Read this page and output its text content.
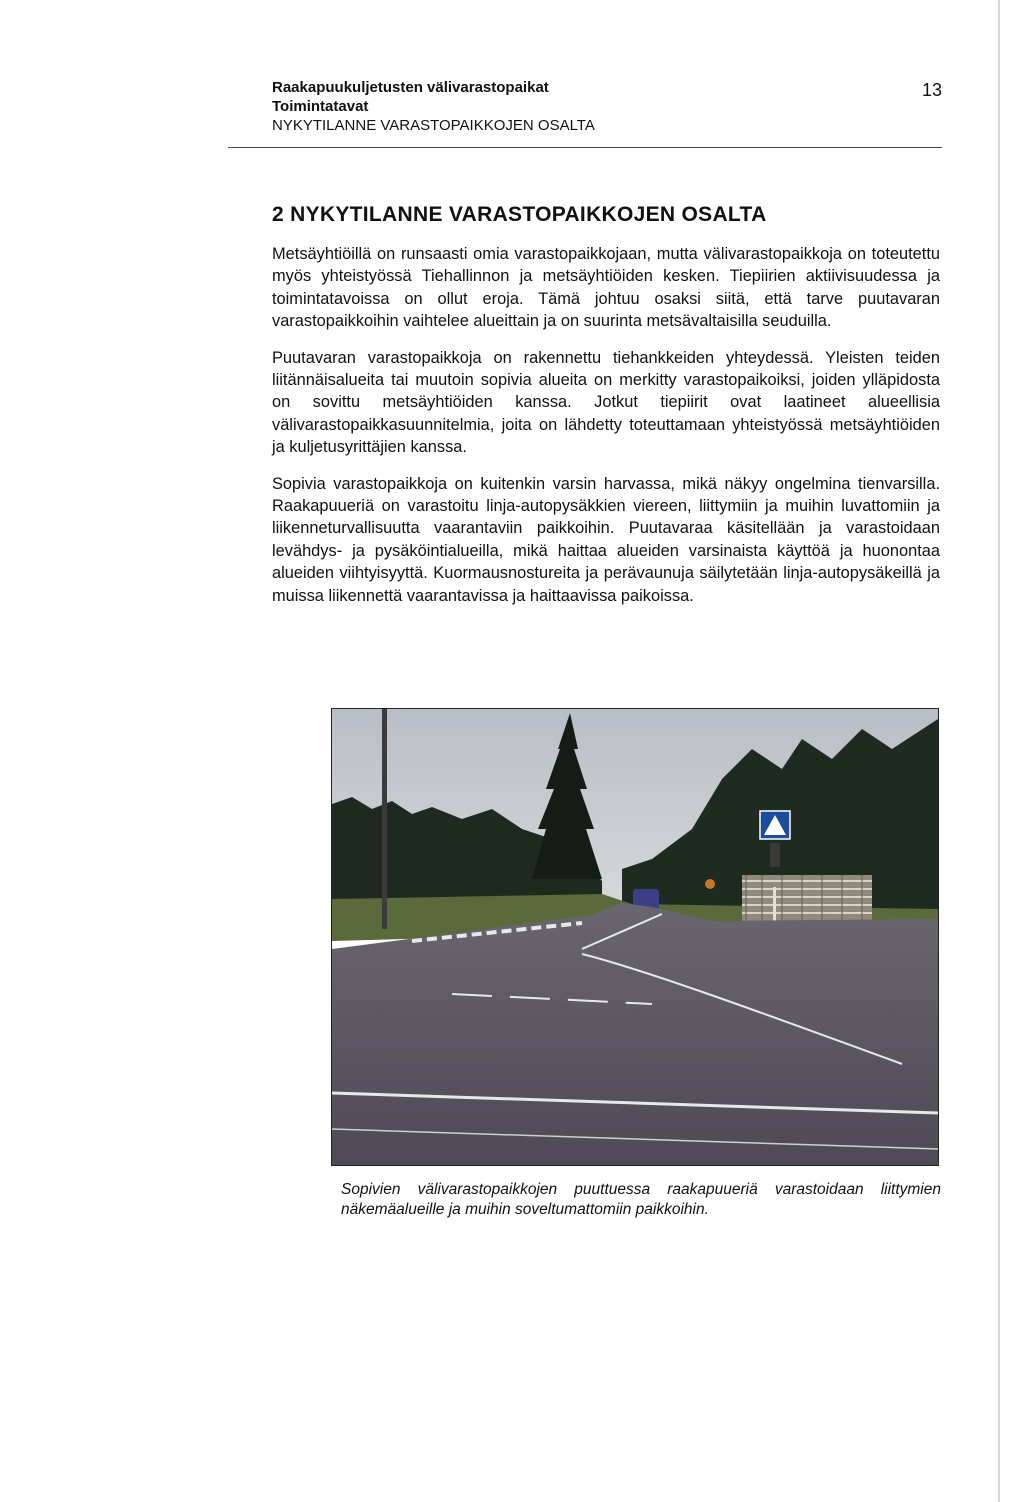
Raakapuukuljetusten välivarastopaikat
Toimintatavat
NYKYTILANNE VARASTOPAIKKOJEN OSALTA
13
2 NYKYTILANNE VARASTOPAIKKOJEN OSALTA

Metsäyhtiöillä on runsaasti omia varastopaikkojaan, mutta välivarastopaikkoja on toteutettu myös yhteistyössä Tiehallinnon ja metsäyhtiöiden kesken. Tiepiirien aktiivisuudessa ja toimintatavoissa on ollut eroja. Tämä johtuu osaksi siitä, että tarve puutavaran varastopaikkoihin vaihtelee alueittain ja on suurinta metsävaltaisilla seuduilla.

Puutavaran varastopaikkoja on rakennettu tiehankkeiden yhteydessä. Yleisten teiden liitännäisalueita tai muutoin sopivia alueita on merkitty varastopaikoiksi, joiden ylläpidosta on sovittu metsäyhtiöiden kanssa. Jotkut tiepiirit ovat laatineet alueellisia välivarastopaikkasuunnitelmia, joita on lähdetty toteuttamaan yhteistyössä metsäyhtiöiden ja kuljetusyrittäjien kanssa.

Sopivia varastopaikkoja on kuitenkin varsin harvassa, mikä näkyy ongelmina tienvarsilla. Raakapuueriä on varastoitu linja-autopysäkkien viereen, liittymiin ja muihin luvattomiin ja liikenneturvallisuutta vaarantaviin paikkoihin. Puutavaraa käsitellään ja varastoidaan levähdys- ja pysäköintialueilla, mikä haittaa alueiden varsinaista käyttöä ja huonontaa alueiden viihtyisyyttä. Kuormausnostureita ja perävaunuja säilytetään linja-autopysäkeillä ja muissa liikennettä vaarantavissa ja haittaavissa paikoissa.

Sopivien välivarastopaikkojen puuttuessa raakapuueriä varastoidaan liittymien näkemäalueille ja muihin soveltumattomiin paikkoihin.
